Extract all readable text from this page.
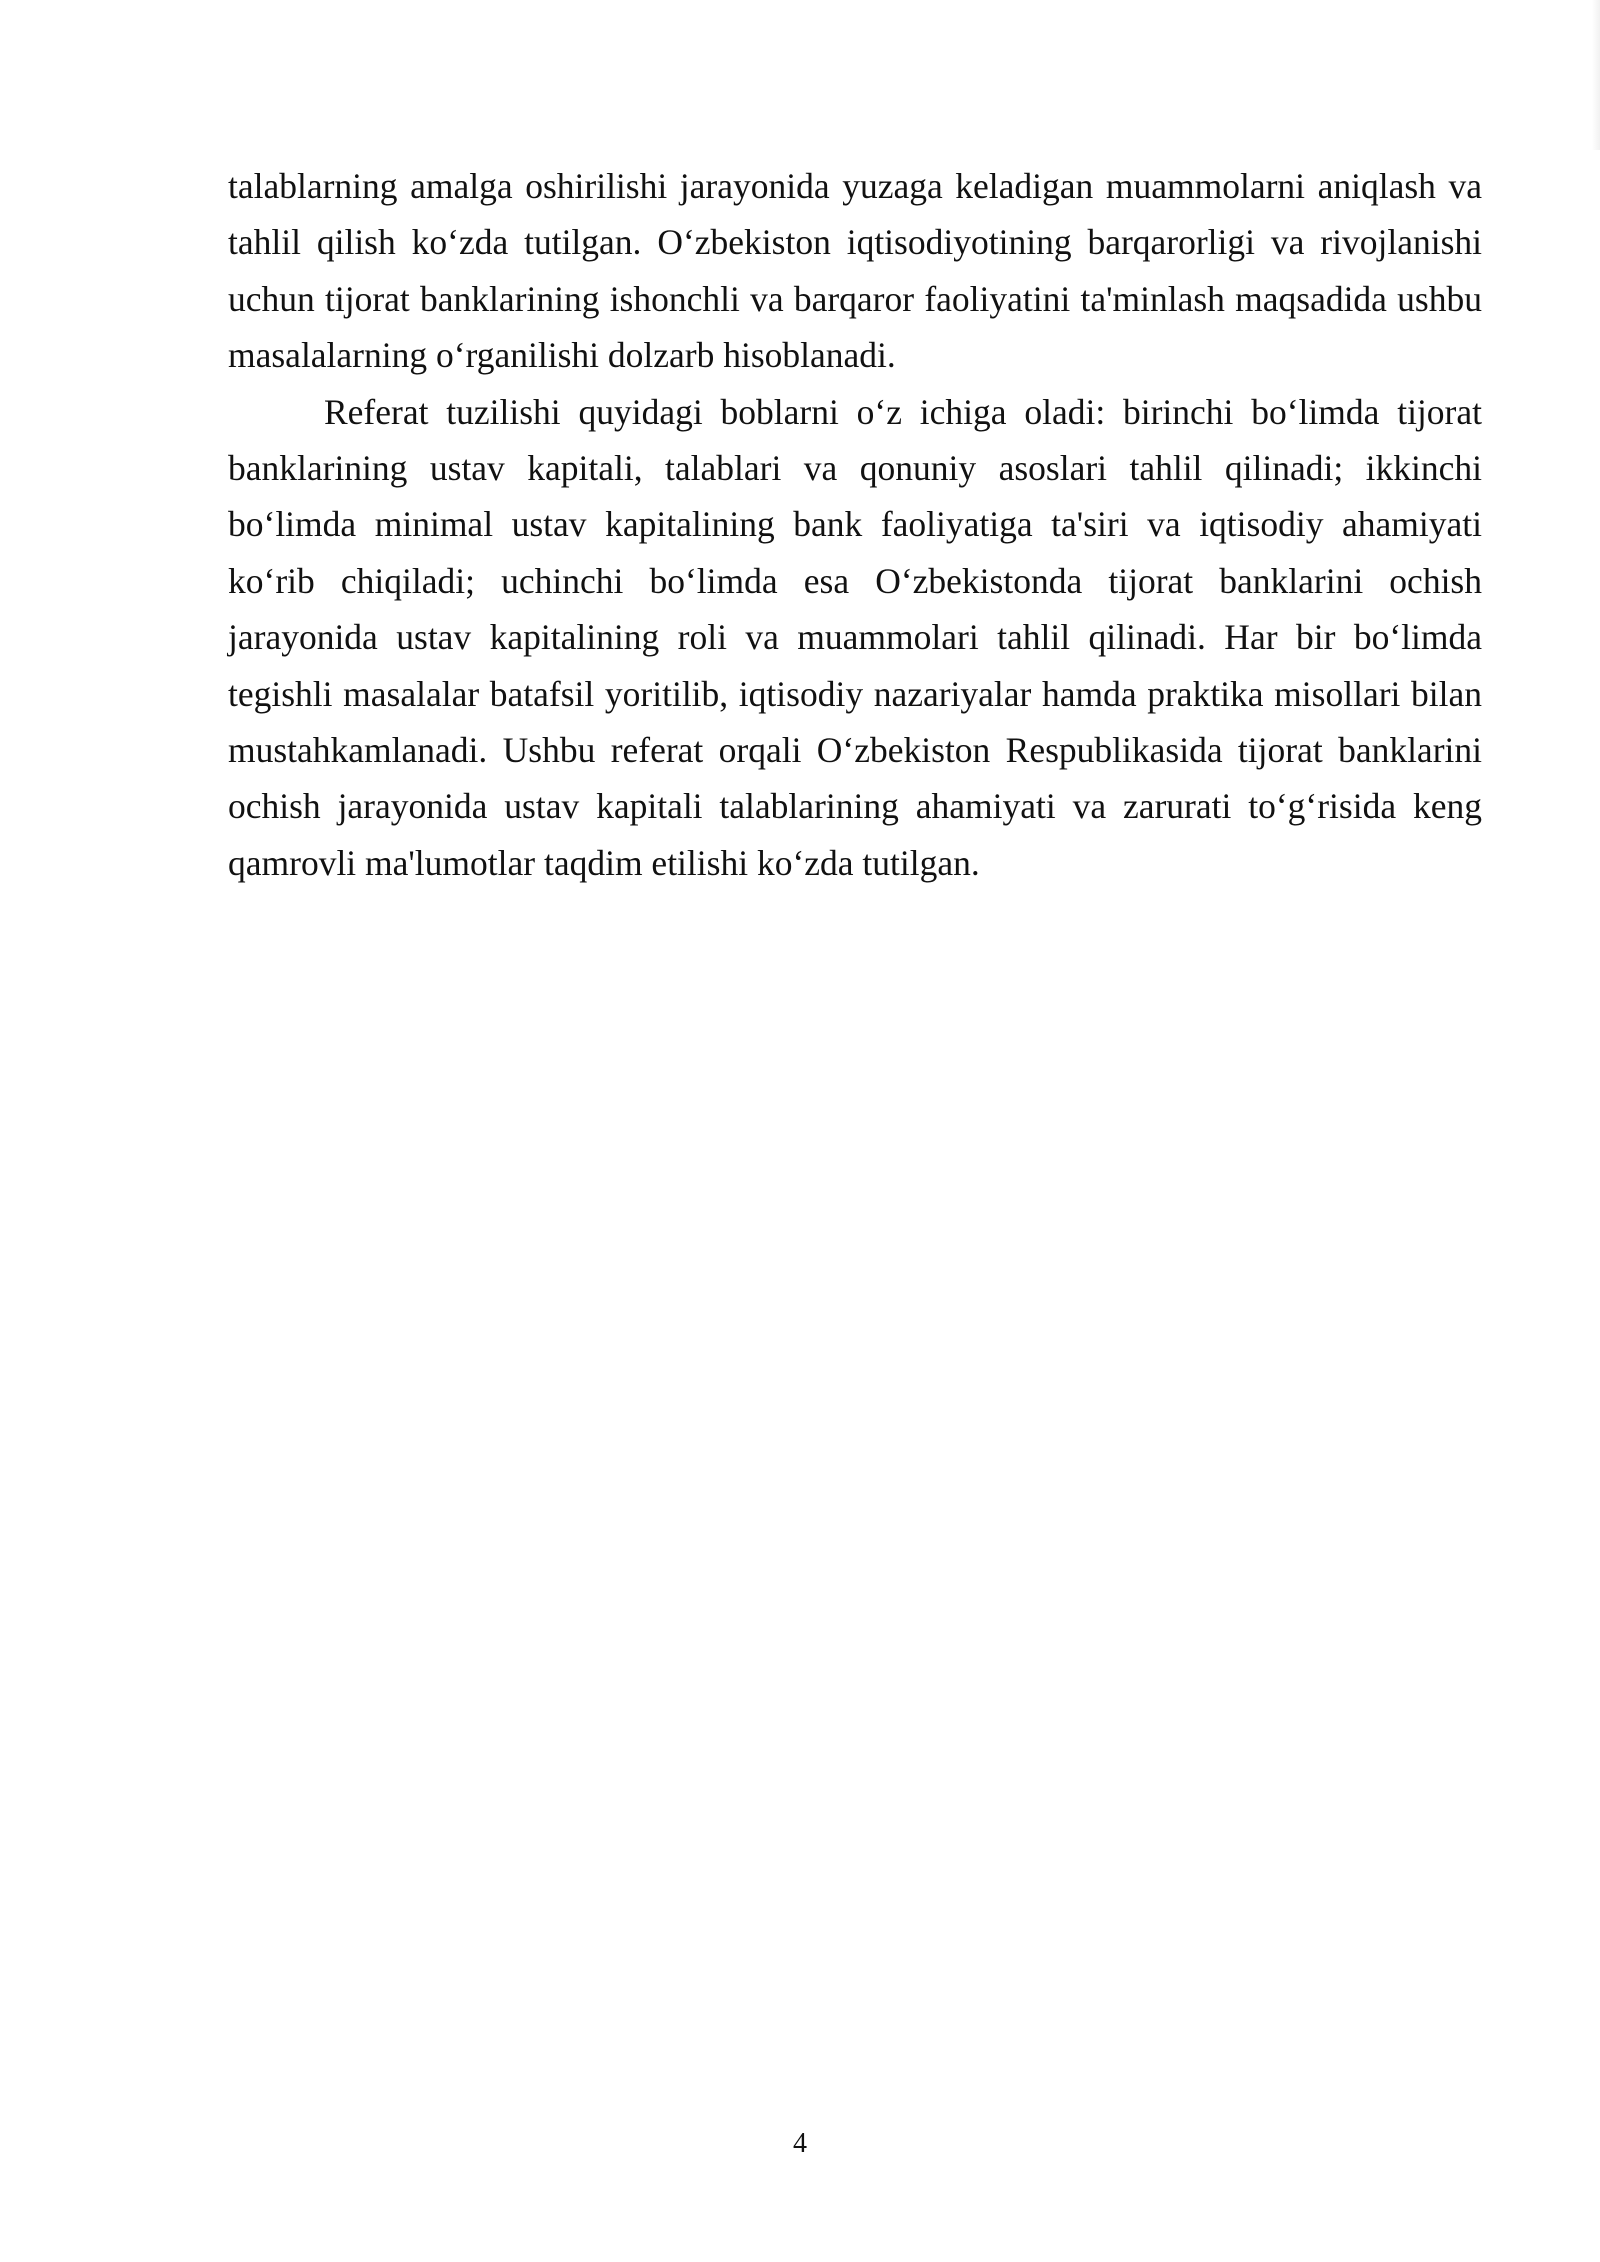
talablarning amalga oshirilishi jarayonida yuzaga keladigan muammolarni aniqlash va tahlil qilish ko‘zda tutilgan. O‘zbekiston iqtisodiyotining barqarorligi va rivojlanishi uchun tijorat banklarining ishonchli va barqaror faoliyatini ta'minlash maqsadida ushbu masalalarning o‘rganilishi dolzarb hisoblanadi.

Referat tuzilishi quyidagi boblarni o‘z ichiga oladi: birinchi bo‘limda tijorat banklarining ustav kapitali, talablari va qonuniy asoslari tahlil qilinadi; ikkinchi bo‘limda minimal ustav kapitalining bank faoliyatiga ta'siri va iqtisodiy ahamiyati ko‘rib chiqiladi; uchinchi bo‘limda esa O‘zbekistonda tijorat banklarini ochish jarayonida ustav kapitalining roli va muammolari tahlil qilinadi. Har bir bo‘limda tegishli masalalar batafsil yoritilib, iqtisodiy nazariyalar hamda praktika misollari bilan mustahkamlanadi. Ushbu referat orqali O‘zbekiston Respublikasida tijorat banklarini ochish jarayonida ustav kapitali talablarining ahamiyati va zarurati to‘g‘risida keng qamrovli ma'lumotlar taqdim etilishi ko‘zda tutilgan.

4
